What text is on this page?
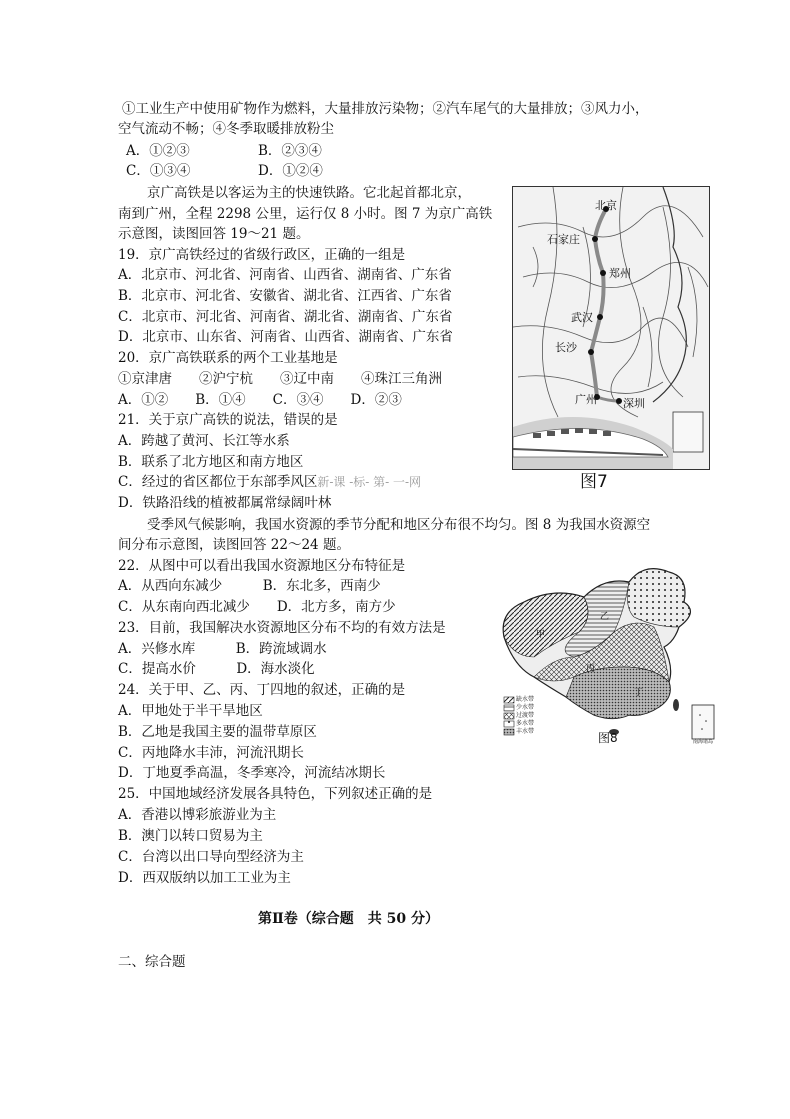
①工业生产中使用矿物作为燃料，大量排放污染物；②汽车尾气的大量排放；③风力小，
空气流动不畅；④冬季取暖排放粉尘
A．①②③	B．②③④
C．①③④	D．①②④
京广高铁是以客运为主的快速铁路。它北起首都北京，
南到广州，全程 2298 公里，运行仅 8 小时。图 7 为京广高铁
示意图，读图回答 19～21 题。
19．京广高铁经过的省级行政区，正确的一组是
A．北京市、河北省、河南省、山西省、湖南省、广东省
B．北京市、河北省、安徽省、湖北省、江西省、广东省
C．北京市、河北省、河南省、湖北省、湖南省、广东省
D．北京市、山东省、河南省、山西省、湖南省、广东省
20．京广高铁联系的两个工业基地是
①京津唐　　②沪宁杭　　③辽中南　　④珠江三角洲
A．①②　　B．①④　　C．③④　　D．②③
21．关于京广高铁的说法，错误的是
A．跨越了黄河、长江等水系
B．联系了北方地区和南方地区
C．经过的省区都位于东部季风区新-课 -标- 第- 一-网
D．铁路沿线的植被都属常绿阔叶林
北京
石家庄
郑州
武汉
长沙
广州 深圳
图7
受季风气候影响，我国水资源的季节分配和地区分布很不均匀。图 8 为我国水资源空
间分布示意图，读图回答 22～24 题。
22．从图中可以看出我国水资源地区分布特征是
A．从西向东减少　　　B．东北多，西南少
C．从东南向西北减少　　D．北方多，南方少
23．目前，我国解决水资源地区分布不均的有效方法是
A．兴修水库　　　B．跨流域调水
C．提高水价　　　D．海水淡化
24．关于甲、乙、丙、丁四地的叙述，正确的是
A．甲地处于半干旱地区
B．乙地是我国主要的温带草原区
C．丙地降水丰沛，河流汛期长
D．丁地夏季高温，冬季寒冷，河流结冰期长
25．中国地域经济发展各具特色，下列叙述正确的是
A．香港以博彩旅游业为主
B．澳门以转口贸易为主
C．台湾以出口导向型经济为主
D．西双版纳以加工工业为主
甲
乙
丙
丁
缺水带
少水带
过渡带
多水带
丰水带
南海诸岛
图8
第Ⅱ卷（综合题　共 50 分）
二、综合题
